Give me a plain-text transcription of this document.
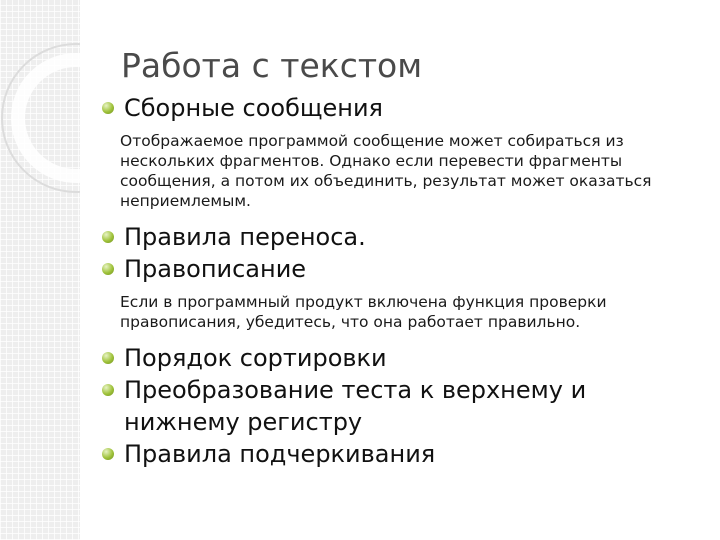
Работа с текстом
Сборные сообщения

Отображаемое программой сообщение может собираться из нескольких фрагментов. Однако если перевести фрагменты сообщения, а потом их объединить, результат может оказаться неприемлемым.

Правила переноса.
Правописание

Если в программный продукт включена функция проверки правописания, убедитесь, что она работает правильно.

Порядок сортировки
Преобразование теста к верхнему и нижнему регистру
Правила подчеркивания
